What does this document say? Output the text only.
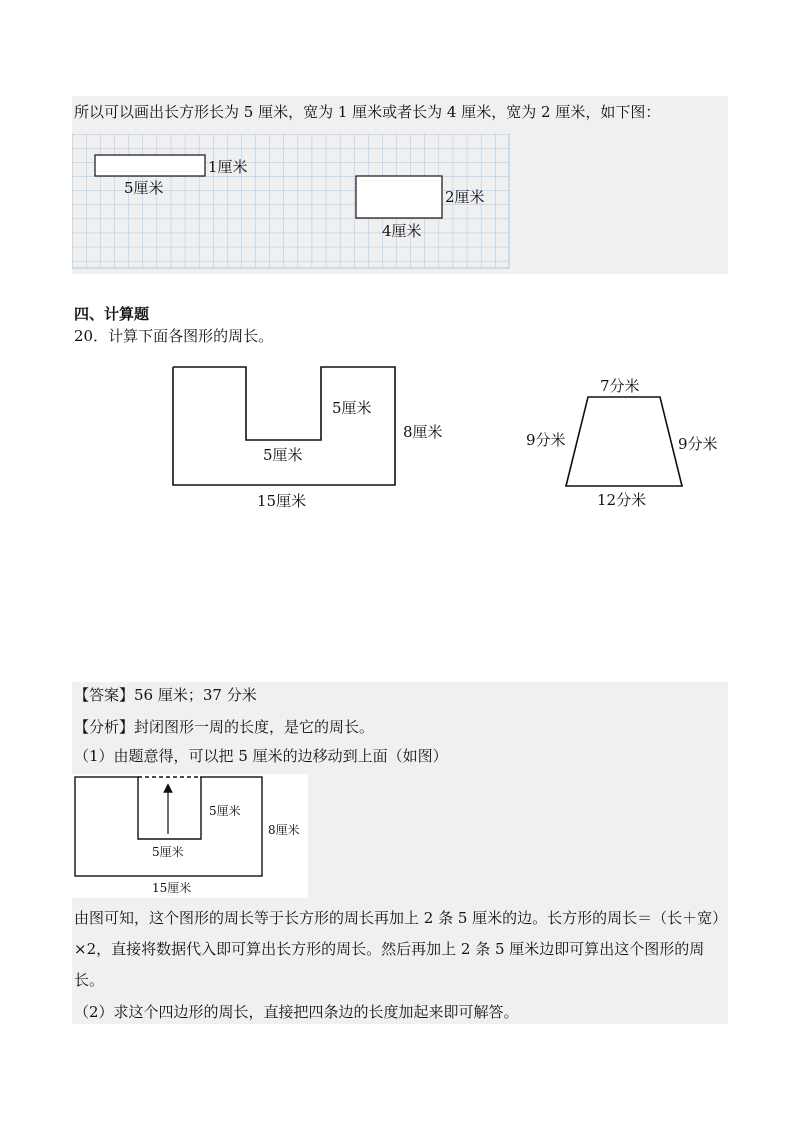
所以可以画出长方形长为 5 厘米，宽为 1 厘米或者长为 4 厘米，宽为 2 厘米，如下图：
1厘米
5厘米	2厘米
4厘米
四、计算题
20．计算下面各图形的周长。
5厘米
8厘米
5厘米
15厘米
7分米
9分米	9分米
12分米
【答案】56 厘米；37 分米
【分析】封闭图形一周的长度，是它的周长。
（1）由题意得，可以把 5 厘米的边移动到上面（如图）
5厘米
8厘米
5厘米
15厘米
由图可知，这个图形的周长等于长方形的周长再加上 2 条 5 厘米的边。长方形的周长＝（长＋宽）×2，直接将数据代入即可算出长方形的周长。然后再加上 2 条 5 厘米边即可算出这个图形的周长。
（2）求这个四边形的周长，直接把四条边的长度加起来即可解答。
